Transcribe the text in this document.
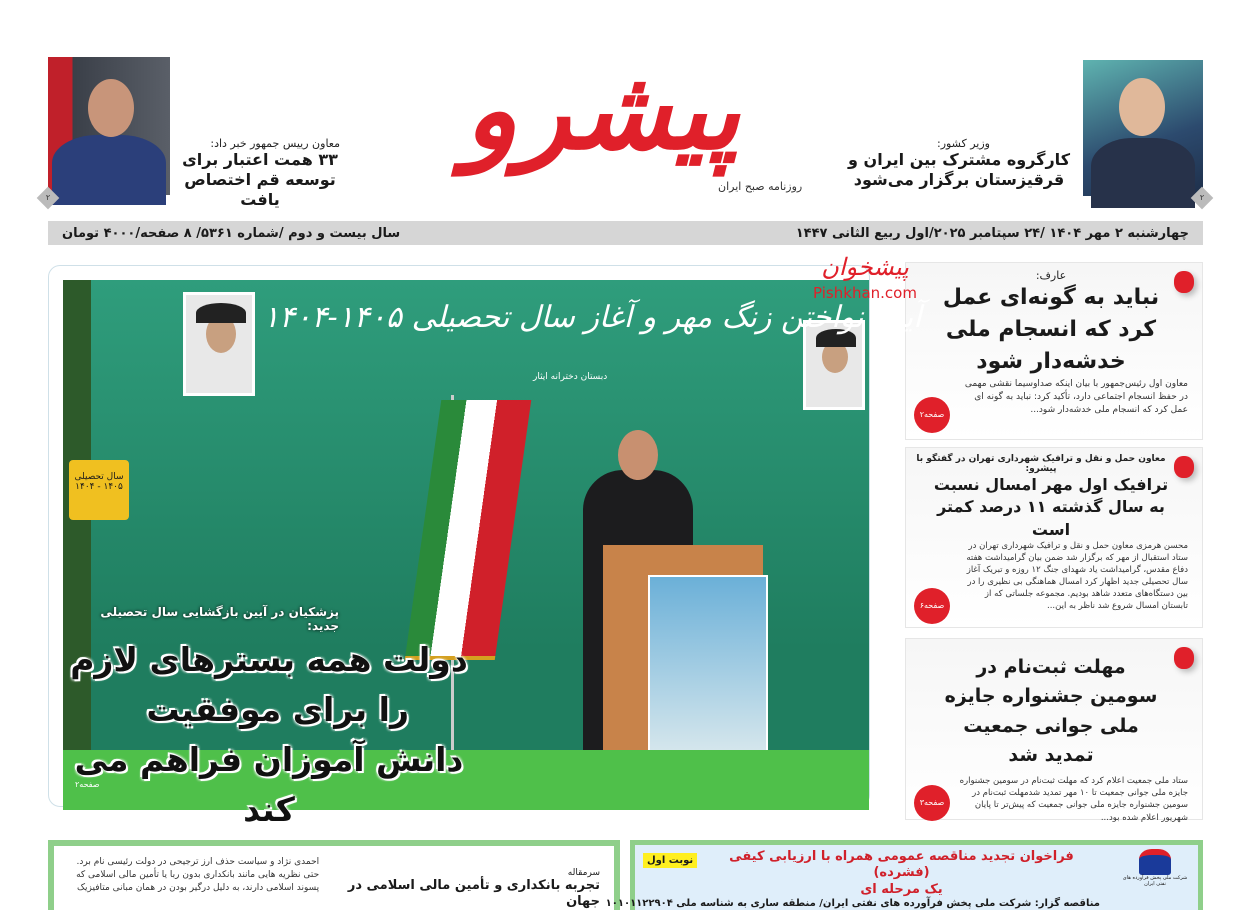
۲
وزیر کشور:
کارگروه مشترک بین ایران و
قرقیزستان برگزار می‌شود
پیشرو
روزنامه صبح ایران
۲
معاون رییس جمهور خبر داد:
۳۳ همت اعتبار برای
توسعه قم اختصاص یافت
چهارشنبه ۲ مهر ۱۴۰۴ /۲۴ سپتامبر ۲۰۲۵/اول ربیع الثانی ۱۴۴۷
سال بیست و دوم /شماره ۵۳۶۱/ ۸ صفحه/۴۰۰۰ تومان
پیشخوان
Pishkhan.com
سال تحصیلی ۱۴۰۵ - ۱۴۰۴
آیین نواختن زنگ مهر و آغاز سال تحصیلی ۱۴۰۵-۱۴۰۴
دبستان دخترانه ایثار
پزشکیان در آیین بازگشایی سال تحصیلی جدید:
دولت همه بسترهای لازم
را برای موفقیت
دانش آموزان فراهم می کند
صفحه۲
عارف:
نباید به گونه‌ای عمل کرد که انسجام ملی خدشه‌دار شود
معاون اول رئیس‌جمهور با بیان اینکه صداوسیما نقشی مهمی در حفظ انسجام اجتماعی دارد، تأکید کرد: نباید به گونه ای عمل کرد که انسجام ملی خدشه‌دار شود...
صفحه۲
معاون حمل و نقل و ترافیک شهرداری تهران در گفتگو با پیشرو:
ترافیک اول مهر امسال نسبت به سال گذشته ۱۱ درصد کمتر است
محسن هرمزی معاون حمل و نقل و ترافیک شهرداری تهران در ستاد استقبال از مهر که برگزار شد ضمن بیان گرامیداشت هفته دفاع مقدس، گرامیداشت یاد شهدای جنگ ۱۲ روزه و تبریک آغاز سال تحصیلی جدید اظهار کرد امسال هماهنگی بی نظیری را در بین دستگاه‌های متعدد شاهد بودیم. مجموعه جلساتی که از تابستان امسال شروع شد ناظر به این...
صفحه۶
مهلت ثبت‌نام در سومین جشنواره جایزه ملی جوانی جمعیت تمدید شد
ستاد ملی جمعیت اعلام کرد که مهلت ثبت‌نام در سومین جشنواره جایزه ملی جوانی جمعیت تا ۱۰ مهر تمدید شدمهلت ثبت‌نام در سومین جشنواره جایزه ملی جوانی جمعیت که پیش‌تر تا پایان شهریور اعلام شده بود...
صفحه۳
سرمقاله
تجربه بانکداری و تأمین مالی اسلامی در جهان
احمدی نژاد و سیاست حذف ارز ترجیحی در دولت رئیسی نام برد. حتی نظریه هایی مانند بانکداری بدون ربا یا تأمین مالی اسلامی که پسوند اسلامی دارند، به دلیل درگیر بودن در همان مبانی متافیزیک
شرکت ملی پخش فرآورده های نفتی ایران
نوبت اول	فراخوان تجدید مناقصه عمومی همراه با ارزیابی کیفی (فشرده)
یک مرحله ای
مناقصه گزار: شرکت ملی پخش فرآورده های نفتی ایران/ منطقه ساری به شناسه ملی ۱۰۱۰۱۱۲۲۹۰۴
